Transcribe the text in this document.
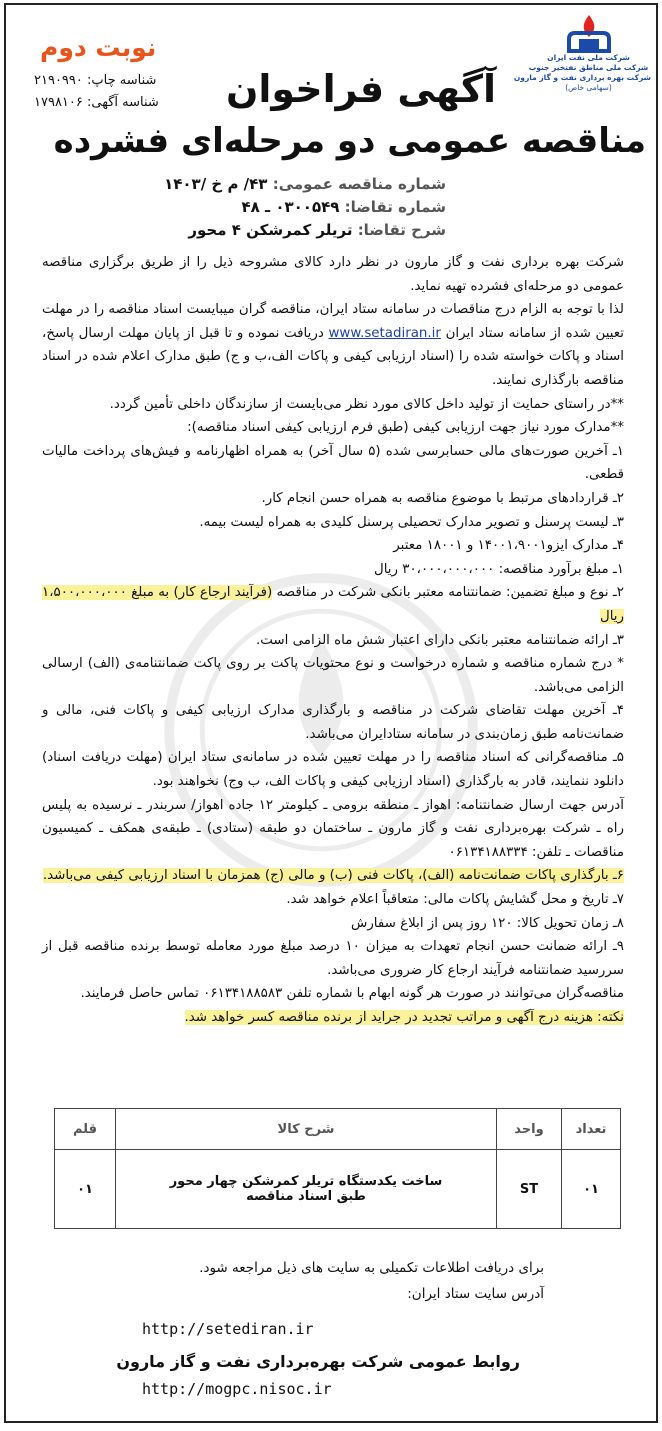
شرکت ملی نفت ایران
شرکت ملی مناطق نفتخیز جنوب
شرکت بهره برداری نفت و گاز مارون
(سهامی خاص)
نوبت دوم
شناسه چاپ: ۲۱۹۰۹۹۰
شناسه آگهی: ۱۷۹۸۱۰۶	آگهی فراخوان
مناقصه عمومی دو مرحله‌ای فشرده
شماره مناقصه عمومی: ۴۳/ م خ /۱۴۰۳
شماره تقاضا: ۰۳۰۰۵۴۹ ـ ۴۸
شرح تقاضا: تریلر کمرشکن ۴ محور

شرکت بهره برداری نفت و گاز مارون در نظر دارد کالای مشروحه ذیل را از طریق برگزاری مناقصه عمومی دو مرحله‌ای فشرده تهیه نماید.

لذا با توجه به الزام درج مناقصات در سامانه ستاد ایران، مناقصه گران میبایست اسناد مناقصه را در مهلت تعیین شده از سامانه ستاد ایران www.setadiran.ir دریافت نموده و تا قبل از پایان مهلت ارسال پاسخ، اسناد و پاکات خواسته شده را (اسناد ارزیابی کیفی و پاکات الف،ب و ج) طبق مدارک اعلام شده در اسناد مناقصه بارگذاری نمایند.

**در راستای حمایت از تولید داخل کالای مورد نظر می‌بایست از سازندگان داخلی تأمین گردد.

**مدارک مورد نیاز جهت ارزیابی کیفی (طبق فرم ارزیابی کیفی اسناد مناقصه):

۱ـ آخرین صورت‌های مالی حسابرسی شده (۵ سال آخر) به همراه اظهارنامه و فیش‌های پرداخت مالیات قطعی.

۲ـ قراردادهای مرتبط با موضوع مناقصه به همراه حسن انجام کار.

۳ـ لیست پرسنل و تصویر مدارک تحصیلی پرسنل کلیدی به همراه لیست بیمه.

۴ـ مدارک ایزو۱۴۰۰۱،۹۰۰۱ و ۱۸۰۰۱ معتبر

۱ـ مبلغ برآورد مناقصه: ۳۰،۰۰۰،۰۰۰،۰۰۰ ریال

۲ـ نوع و مبلغ تضمین: ضمانتنامه معتبر بانکی شرکت در مناقصه (فرآیند ارجاع کار) به مبلغ ۱،۵۰۰،۰۰۰،۰۰۰ ریال

۳ـ ارائه ضمانتنامه معتبر بانکی دارای اعتبار شش ماه الزامی است.

* درج شماره مناقصه و شماره درخواست و نوع محتویات پاکت بر روی پاکت ضمانتنامه‌ی (الف) ارسالی الزامی می‌باشد.

۴ـ آخرین مهلت تقاضای شرکت در مناقصه و بارگذاری مدارک ارزیابی کیفی و پاکات فنی، مالی و ضمانت‌نامه طبق زمان‌بندی در سامانه ستادایران می‌باشد.

۵ـ مناقصه‌گرانی که اسناد مناقصه را در مهلت تعیین شده در سامانه‌ی ستاد ایران (مهلت دریافت اسناد) دانلود ننمایند، قادر به بارگذاری (اسناد ارزیابی کیفی و پاکات الف، ب وج) نخواهند بود.

آدرس جهت ارسال ضمانتنامه: اهواز ـ منطقه برومی ـ کیلومتر ۱۲ جاده اهواز/ سربندر ـ نرسیده به پلیس راه ـ شرکت بهره‌برداری نفت و گاز مارون ـ ساختمان دو طبقه (ستادی) ـ طبقه‌ی همکف ـ کمیسیون مناقصات ـ تلفن: ۰۶۱۳۴۱۸۸۳۳۴

۶ـ بارگذاری پاکات ضمانت‌نامه (الف)، پاکات فنی (ب) و مالی (ج) همزمان با اسناد ارزیابی کیفی می‌باشد.

۷ـ تاریخ و محل گشایش پاکات مالی: متعاقباً اعلام خواهد شد.

۸ـ زمان تحویل کالا: ۱۲۰ روز پس از ابلاغ سفارش

۹ـ ارائه ضمانت حسن انجام تعهدات به میزان ۱۰ درصد مبلغ مورد معامله توسط برنده مناقصه قبل از سررسید ضمانتنامه فرآیند ارجاع کار ضروری می‌باشد.

مناقصه‌گران می‌توانند در صورت هر گونه ابهام با شماره تلفن ۰۶۱۳۴۱۸۸۵۸۳ تماس حاصل فرمایند.

نکته: هزینه درج آگهی و مراتب تجدید در جراید از برنده مناقصه کسر خواهد شد.

تعداد	واحد	شرح کالا	قلم
۰۱	ST	ساخت یکدستگاه تریلر کمرشکن چهار محور
طبق اسناد مناقصه	۰۱
برای دریافت اطلاعات تکمیلی به سایت های ذیل مراجعه شود.
آدرس سایت ستاد ایران:
http://setediran.ir
روابط عمومی شرکت بهره‌برداری نفت و گاز مارون
http://mogpc.nisoc.ir
